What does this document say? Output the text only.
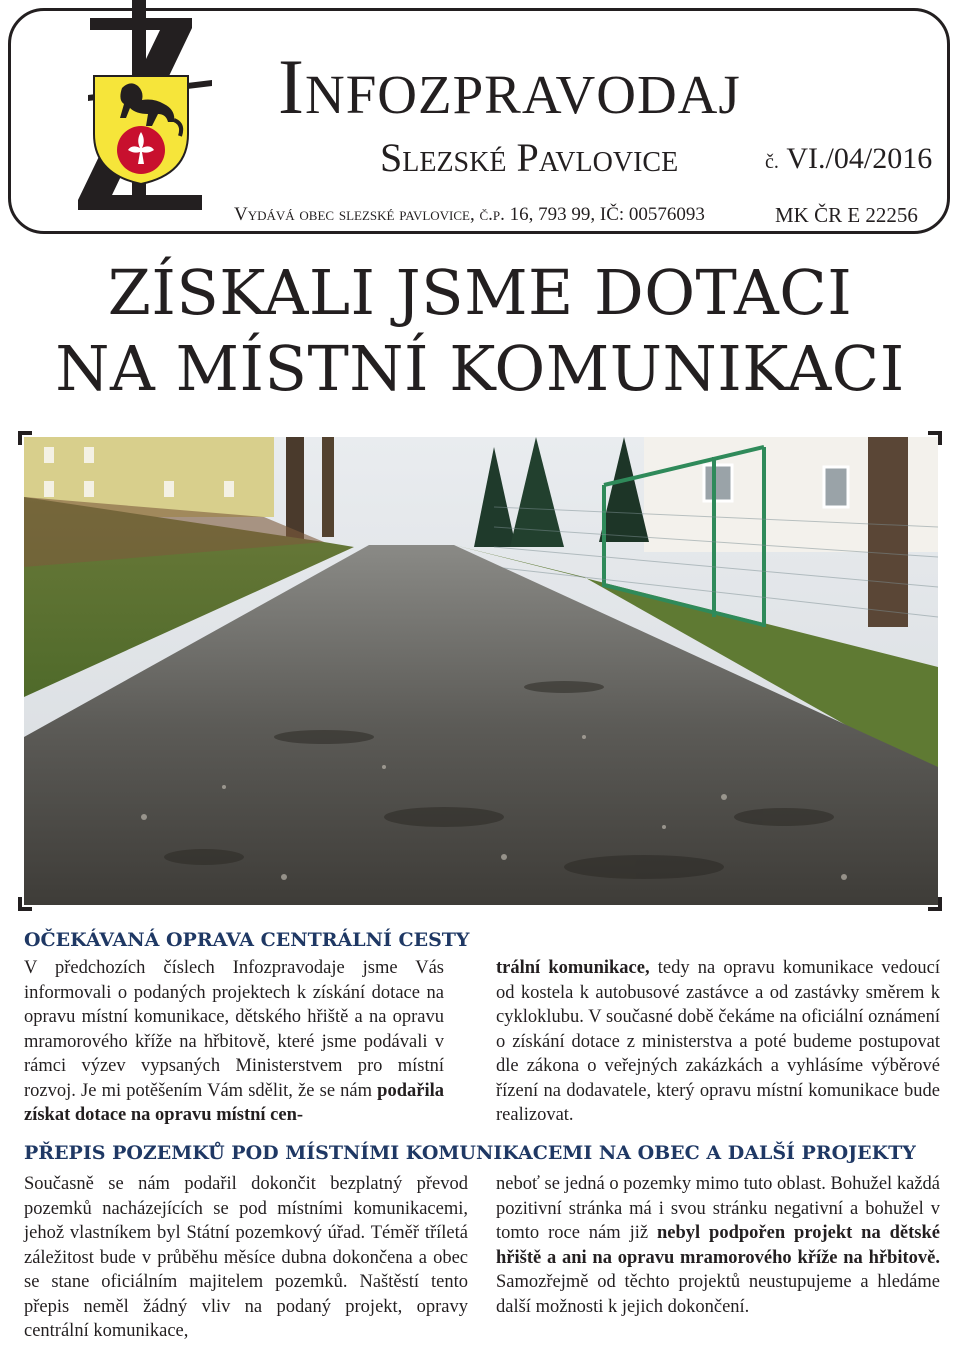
Infozpravodaj
Slezské Pavlovice	č. VI./04/2016
Vydává obec slezské pavlovice, č.p. 16, 793 99, IČ: 00576093	MK ČR E 22256
ZÍSKALI JSME DOTACI
NA MÍSTNÍ KOMUNIKACI
OČEKÁVANÁ OPRAVA CENTRÁLNÍ CESTY
V předchozích číslech Infozpravodaje jsme Vás informovali o podaných projektech k získání dotace na opravu místní komunikace, dětského hřiště a na opravu mramorového kříže na hřbitově, které jsme podávali v rámci výzev vypsaných Ministerstvem pro místní rozvoj. Je mi potěšením Vám sdělit, že se nám podařila získat dotace na opravu místní cen-
trální komunikace, tedy na opravu komunikace vedoucí od kostela k autobusové zastávce a od zastávky směrem k cykloklubu. V současné době čekáme na oficiální oznámení o získání dotace z ministerstva a poté budeme postupovat dle zákona o veřejných zakázkách a vyhlásíme výběrové řízení na dodavatele, který opravu místní komunikace bude realizovat.
PŘEPIS POZEMKŮ POD MÍSTNÍMI KOMUNIKACEMI NA OBEC A DALŠÍ PROJEKTY
Současně se nám podařil dokončit bezplatný převod pozemků nacházejících se pod místními komunikacemi, jehož vlastníkem byl Státní pozemkový úřad. Téměř tříletá záležitost bude v průběhu měsíce dubna dokončena a obec se stane oficiálním majitelem pozemků. Naštěstí tento přepis neměl žádný vliv na podaný projekt, opravy centrální komunikace,
neboť se jedná o pozemky mimo tuto oblast. Bohužel každá pozitivní stránka má i svou stránku negativní a bohužel v tomto roce nám již nebyl podpořen projekt na dětské hřiště a ani na opravu mramorového kříže na hřbitově. Samozřejmě od těchto projektů neustupujeme a hledáme další možnosti k jejich dokončení.
